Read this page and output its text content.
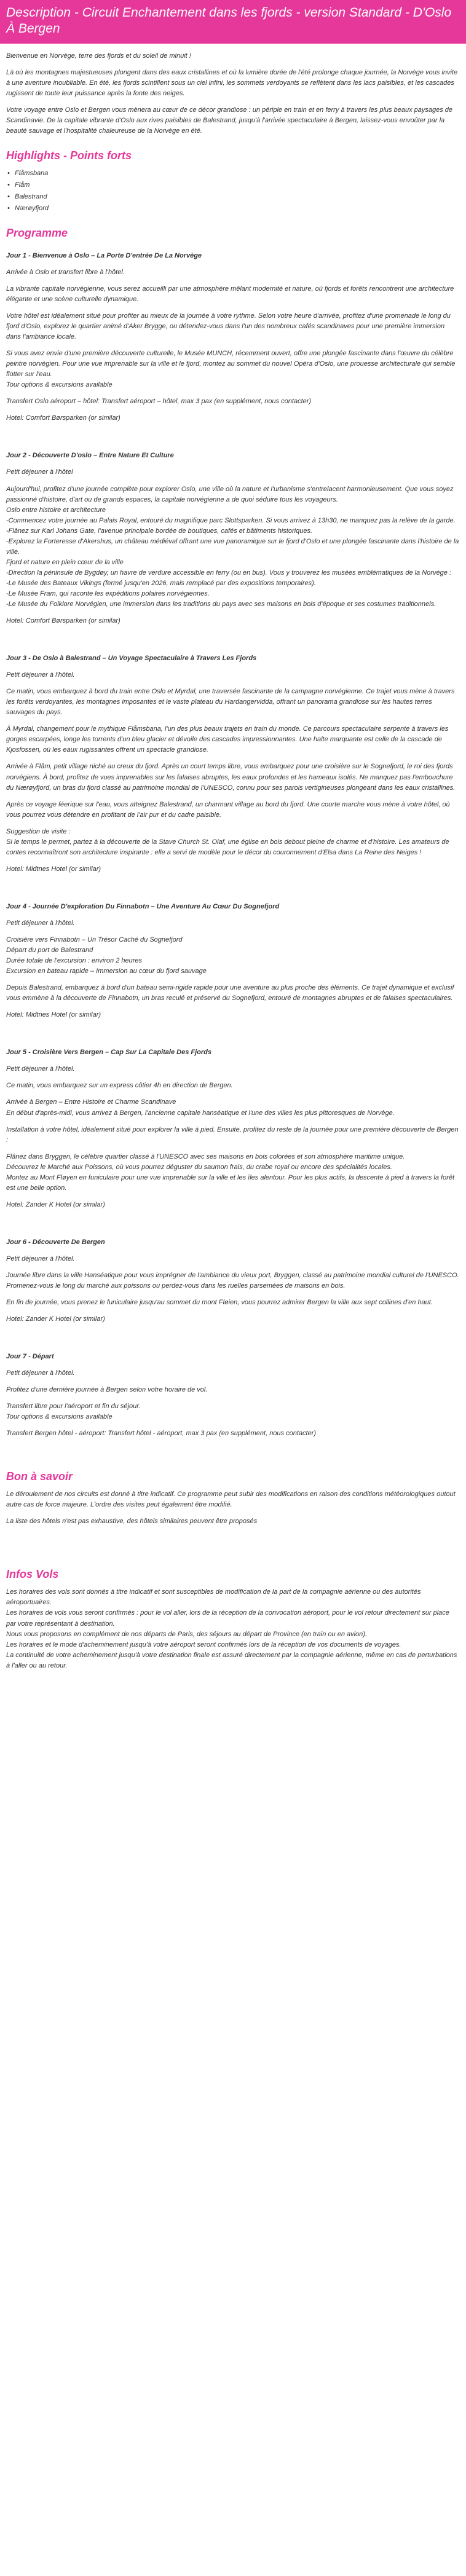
Description - Circuit Enchantement dans les fjords - version Standard - D'Oslo À Bergen

Bienvenue en Norvège, terre des fjords et du soleil de minuit !

Là où les montagnes majestueuses plongent dans des eaux cristallines et où la lumière dorée de l'été prolonge chaque journée, la Norvège vous invite à une aventure inoubliable. En été, les fjords scintillent sous un ciel infini, les sommets verdoyants se reflètent dans les lacs paisibles, et les cascades rugissent de toute leur puissance après la fonte des neiges.

Votre voyage entre Oslo et Bergen vous mènera au cœur de ce décor grandiose : un périple en train et en ferry à travers les plus beaux paysages de Scandinavie. De la capitale vibrante d'Oslo aux rives paisibles de Balestrand, jusqu'à l'arrivée spectaculaire à Bergen, laissez-vous envoûter par la beauté sauvage et l'hospitalité chaleureuse de la Norvège en été.

Highlights - Points forts
• Flåmsbana
• Flåm
• Balestrand
• Nærøyfjord
Programme
Jour 1 - Bienvenue à Oslo – La Porte D'entrée De La Norvège
Arrivée à Oslo et transfert libre à l'hôtel.
La vibrante capitale norvégienne, vous serez accueilli par une atmosphère mêlant modernité et nature, où fjords et forêts rencontrent une architecture élégante et une scène culturelle dynamique.
Votre hôtel est idéalement situé pour profiter au mieux de la journée à votre rythme. Selon votre heure d'arrivée, profitez d'une promenade le long du fjord d'Oslo, explorez le quartier animé d'Aker Brygge, ou détendez-vous dans l'un des nombreux cafés scandinaves pour une première immersion dans l'ambiance locale.
Si vous avez envie d'une première découverte culturelle, le Musée MUNCH, récemment ouvert, offre une plongée fascinante dans l'œuvre du célèbre peintre norvégien. Pour une vue imprenable sur la ville et le fjord, montez au sommet du nouvel Opéra d'Oslo, une prouesse architecturale qui semble flotter sur l'eau.
Tour options & excursions available
Transfert Oslo aéroport – hôtel: Transfert aéroport – hôtel, max 3 pax (en supplément, nous contacter)
Hotel: Comfort Børsparken (or similar)
Jour 2 - Découverte D'oslo – Entre Nature Et Culture
Petit déjeuner à l'hôtel
Aujourd'hui, profitez d'une journée complète pour explorer Oslo, une ville où la nature et l'urbanisme s'entrelacent harmonieusement. Que vous soyez passionné d'histoire, d'art ou de grands espaces, la capitale norvégienne a de quoi séduire tous les voyageurs.
Oslo entre histoire et architecture
-Commencez votre journée au Palais Royal, entouré du magnifique parc Slottsparken. Si vous arrivez à 13h30, ne manquez pas la relève de la garde.
-Flânez sur Karl Johans Gate, l'avenue principale bordée de boutiques, cafés et bâtiments historiques.
-Explorez la Forteresse d'Akershus, un château médiéval offrant une vue panoramique sur le fjord d'Oslo et une plongée fascinante dans l'histoire de la ville.
Fjord et nature en plein cœur de la ville
-Direction la péninsule de Bygdøy, un havre de verdure accessible en ferry (ou en bus). Vous y trouverez les musées emblématiques de la Norvège :
-Le Musée des Bateaux Vikings (fermé jusqu'en 2026, mais remplacé par des expositions temporaires).
-Le Musée Fram, qui raconte les expéditions polaires norvégiennes.
-Le Musée du Folklore Norvégien, une immersion dans les traditions du pays avec ses maisons en bois d'époque et ses costumes traditionnels.
Hotel: Comfort Børsparken (or similar)
Jour 3 - De Oslo à Balestrand – Un Voyage Spectaculaire à Travers Les Fjords
Petit déjeuner à l'hôtel.
Ce matin, vous embarquez à bord du train entre Oslo et Myrdal, une traversée fascinante de la campagne norvégienne. Ce trajet vous mène à travers les forêts verdoyantes, les montagnes imposantes et le vaste plateau du Hardangervidda, offrant un panorama grandiose sur les hautes terres sauvages du pays.
À Myrdal, changement pour le mythique Flåmsbana, l'un des plus beaux trajets en train du monde. Ce parcours spectaculaire serpente à travers les gorges escarpées, longe les torrents d'un bleu glacier et dévoile des cascades impressionnantes. Une halte marquante est celle de la cascade de Kjosfossen, où les eaux rugissantes offrent un spectacle grandiose.
Arrivée à Flåm, petit village niché au creux du fjord. Après un court temps libre, vous embarquez pour une croisière sur le Sognefjord, le roi des fjords norvégiens. À bord, profitez de vues imprenables sur les falaises abruptes, les eaux profondes et les hameaux isolés. Ne manquez pas l'embouchure du Nærøyfjord, un bras du fjord classé au patrimoine mondial de l'UNESCO, connu pour ses parois vertigineuses plongeant dans les eaux cristallines.
Après ce voyage féerique sur l'eau, vous atteignez Balestrand, un charmant village au bord du fjord. Une courte marche vous mène à votre hôtel, où vous pourrez vous détendre en profitant de l'air pur et du cadre paisible.
Suggestion de visite :
Si le temps le permet, partez à la découverte de la Stave Church St. Olaf, une église en bois debout pleine de charme et d'histoire. Les amateurs de contes reconnaîtront son architecture inspirante : elle a servi de modèle pour le décor du couronnement d'Elsa dans La Reine des Neiges !
Hotel: Midtnes Hotel (or similar)
Jour 4 - Journée D'exploration Du Finnabotn – Une Aventure Au Cœur Du Sognefjord
Petit déjeuner à l'hôtel.
Croisière vers Finnabotn – Un Trésor Caché du Sognefjord
Départ du port de Balestrand
Durée totale de l'excursion : environ 2 heures
Excursion en bateau rapide – Immersion au cœur du fjord sauvage
Depuis Balestrand, embarquez à bord d'un bateau semi-rigide rapide pour une aventure au plus proche des éléments. Ce trajet dynamique et exclusif vous emmène à la découverte de Finnabotn, un bras reculé et préservé du Sognefjord, entouré de montagnes abruptes et de falaises spectaculaires.
Hotel: Midtnes Hotel (or similar)
Jour 5 - Croisière Vers Bergen – Cap Sur La Capitale Des Fjords
Petit déjeuner à l'hôtel.
Ce matin, vous embarquez sur un express côtier 4h en direction de Bergen.
Arrivée à Bergen – Entre Histoire et Charme Scandinave
En début d'après-midi, vous arrivez à Bergen, l'ancienne capitale hanséatique et l'une des villes les plus pittoresques de Norvège.
Installation à votre hôtel, idéalement situé pour explorer la ville à pied. Ensuite, profitez du reste de la journée pour une première découverte de Bergen :
Flânez dans Bryggen, le célèbre quartier classé à l'UNESCO avec ses maisons en bois colorées et son atmosphère maritime unique.
Découvrez le Marché aux Poissons, où vous pourrez déguster du saumon frais, du crabe royal ou encore des spécialités locales.
Montez au Mont Fløyen en funiculaire pour une vue imprenable sur la ville et les îles alentour. Pour les plus actifs, la descente à pied à travers la forêt est une belle option.
Hotel: Zander K Hotel (or similar)
Jour 6 - Découverte De Bergen
Petit déjeuner à l'hôtel.
Journée libre dans la ville Hanséatique pour vous imprégner de l'ambiance du vieux port, Bryggen, classé au patrimoine mondial culturel de l'UNESCO. Promenez-vous le long du marché aux poissons ou perdez-vous dans les ruelles parsemées de maisons en bois.
En fin de journée, vous prenez le funiculaire jusqu'au sommet du mont Fløien, vous pourrez admirer Bergen la ville aux sept collines d'en haut.
Hotel: Zander K Hotel (or similar)
Jour 7 - Départ
Petit déjeuner à l'hôtel.
Profitez d'une dernière journée à Bergen selon votre horaire de vol.
Transfert libre pour l'aéroport et fin du séjour.
Tour options & excursions available
Transfert Bergen hôtel - aéroport: Transfert hôtel - aéroport, max 3 pax (en supplément, nous contacter)
Bon à savoir

Le déroulement de nos circuits est donné à titre indicatif. Ce programme peut subir des modifications en raison des conditions météorologiques outout autre cas de force majeure. L'ordre des visites peut également être modifié.

La liste des hôtels n'est pas exhaustive, des hôtels similaires peuvent être proposés

Infos Vols
Les horaires des vols sont donnés à titre indicatif et sont susceptibles de modification de la part de la compagnie aérienne ou des autorités aéroportuaires.
Les horaires de vols vous seront confirmés : pour le vol aller, lors de la réception de la convocation aéroport, pour le vol retour directement sur place par votre représentant à destination.
Nous vous proposons en complément de nos départs de Paris, des séjours au départ de Province (en train ou en avion).
Les horaires et le mode d'acheminement jusqu'à votre aéroport seront confirmés lors de la réception de vos documents de voyages.
La continuité de votre acheminement jusqu'à votre destination finale est assuré directement par la compagnie aérienne, même en cas de perturbations à l'aller ou au retour.
